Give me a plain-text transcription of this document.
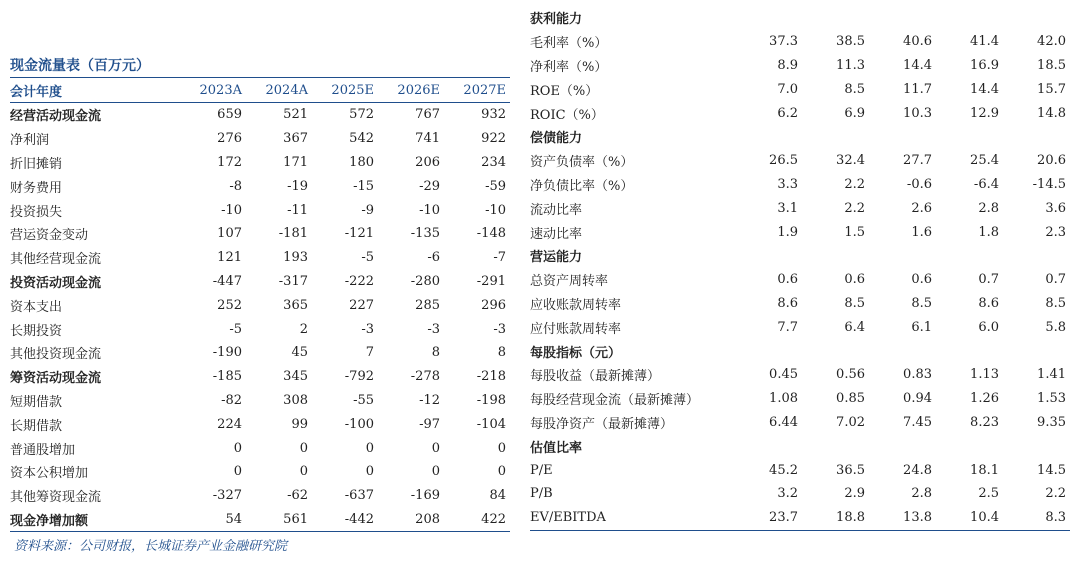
现金流量表（百万元）
会计年度	2023A	2024A	2025E	2026E	2027E
经营活动现金流	659	521	572	767	932
净利润	276	367	542	741	922
折旧摊销	172	171	180	206	234
财务费用	-8	-19	-15	-29	-59
投资损失	-10	-11	-9	-10	-10
营运资金变动	107	-181	-121	-135	-148
其他经营现金流	121	193	-5	-6	-7
投资活动现金流	-447	-317	-222	-280	-291
资本支出	252	365	227	285	296
长期投资	-5	2	-3	-3	-3
其他投资现金流	-190	45	7	8	8
筹资活动现金流	-185	345	-792	-278	-218
短期借款	-82	308	-55	-12	-198
长期借款	224	99	-100	-97	-104
普通股增加	0	0	0	0	0
资本公积增加	0	0	0	0	0
其他筹资现金流	-327	-62	-637	-169	84
现金净增加额	54	561	-442	208	422
获利能力					
毛利率（%）	37.3	38.5	40.6	41.4	42.0
净利率（%）	8.9	11.3	14.4	16.9	18.5
ROE（%）	7.0	8.5	11.7	14.4	15.7
ROIC（%）	6.2	6.9	10.3	12.9	14.8
偿债能力					
资产负债率（%）	26.5	32.4	27.7	25.4	20.6
净负债比率（%）	3.3	2.2	-0.6	-6.4	-14.5
流动比率	3.1	2.2	2.6	2.8	3.6
速动比率	1.9	1.5	1.6	1.8	2.3
营运能力					
总资产周转率	0.6	0.6	0.6	0.7	0.7
应收账款周转率	8.6	8.5	8.5	8.6	8.5
应付账款周转率	7.7	6.4	6.1	6.0	5.8
每股指标（元）					
每股收益（最新摊薄）	0.45	0.56	0.83	1.13	1.41
每股经营现金流（最新摊薄）	1.08	0.85	0.94	1.26	1.53
每股净资产（最新摊薄）	6.44	7.02	7.45	8.23	9.35
估值比率					
P/E	45.2	36.5	24.8	18.1	14.5
P/B	3.2	2.9	2.8	2.5	2.2
EV/EBITDA	23.7	18.8	13.8	10.4	8.3
资料来源：公司财报，长城证券产业金融研究院
